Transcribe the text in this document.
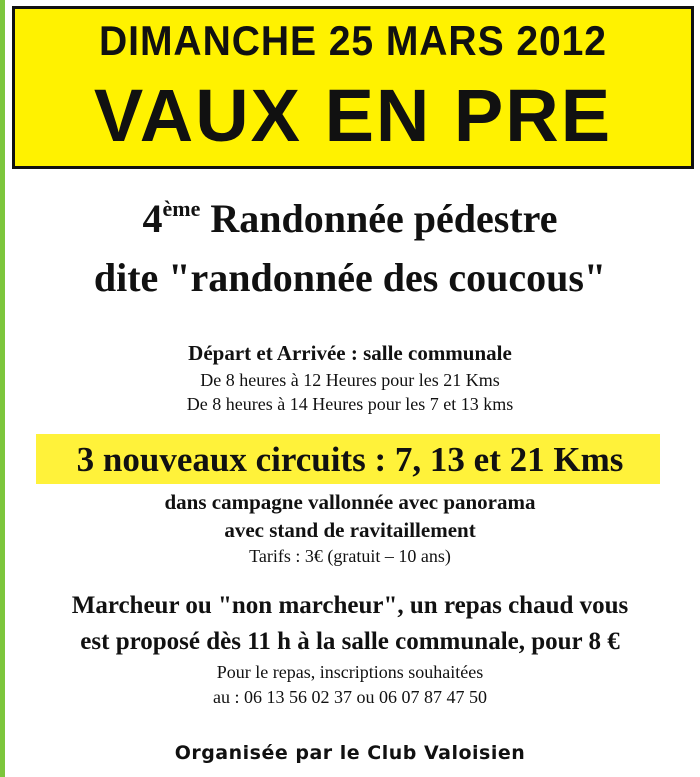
DIMANCHE 25 MARS 2012
VAUX EN PRE
4ème Randonnée pédestre
dite "randonnée des coucous"
Départ et Arrivée : salle communale
De 8 heures à 12 Heures pour les 21 Kms
De 8 heures à 14 Heures pour les 7 et 13 kms
3 nouveaux circuits : 7, 13 et 21 Kms
dans campagne vallonnée avec panorama
avec stand de ravitaillement
Tarifs : 3€ (gratuit – 10 ans)
Marcheur ou "non marcheur", un repas chaud vous
est proposé dès 11 h à la salle communale, pour 8 €
Pour le repas, inscriptions souhaitées
au : 06 13 56 02 37 ou 06 07 87 47 50
Organisée par le Club Valoisien
